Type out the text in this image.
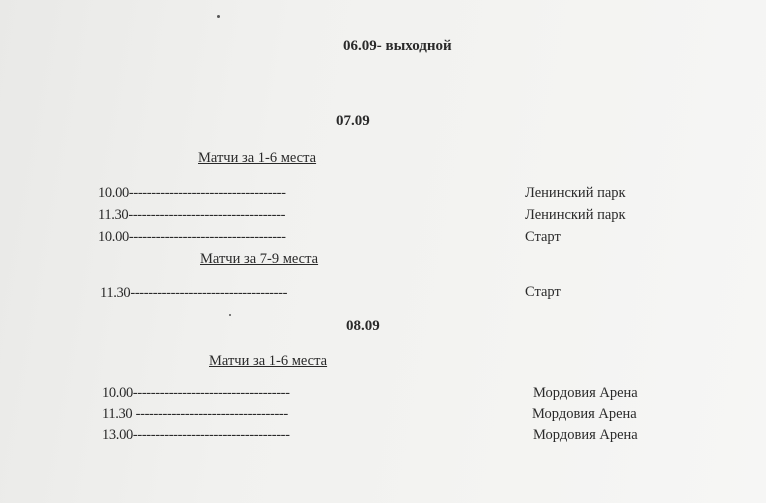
06.09- выходной
07.09
Матчи за 1-6 места
10.00-----------------------------------	Ленинский парк
11.30-----------------------------------	Ленинский парк
10.00-----------------------------------	Старт
Матчи за 7-9 места
11.30-----------------------------------	Старт
08.09
Матчи за 1-6 места
10.00-----------------------------------	Мордовия Арена
11.30 ----------------------------------	Мордовия Арена
13.00-----------------------------------	Мордовия Арена
